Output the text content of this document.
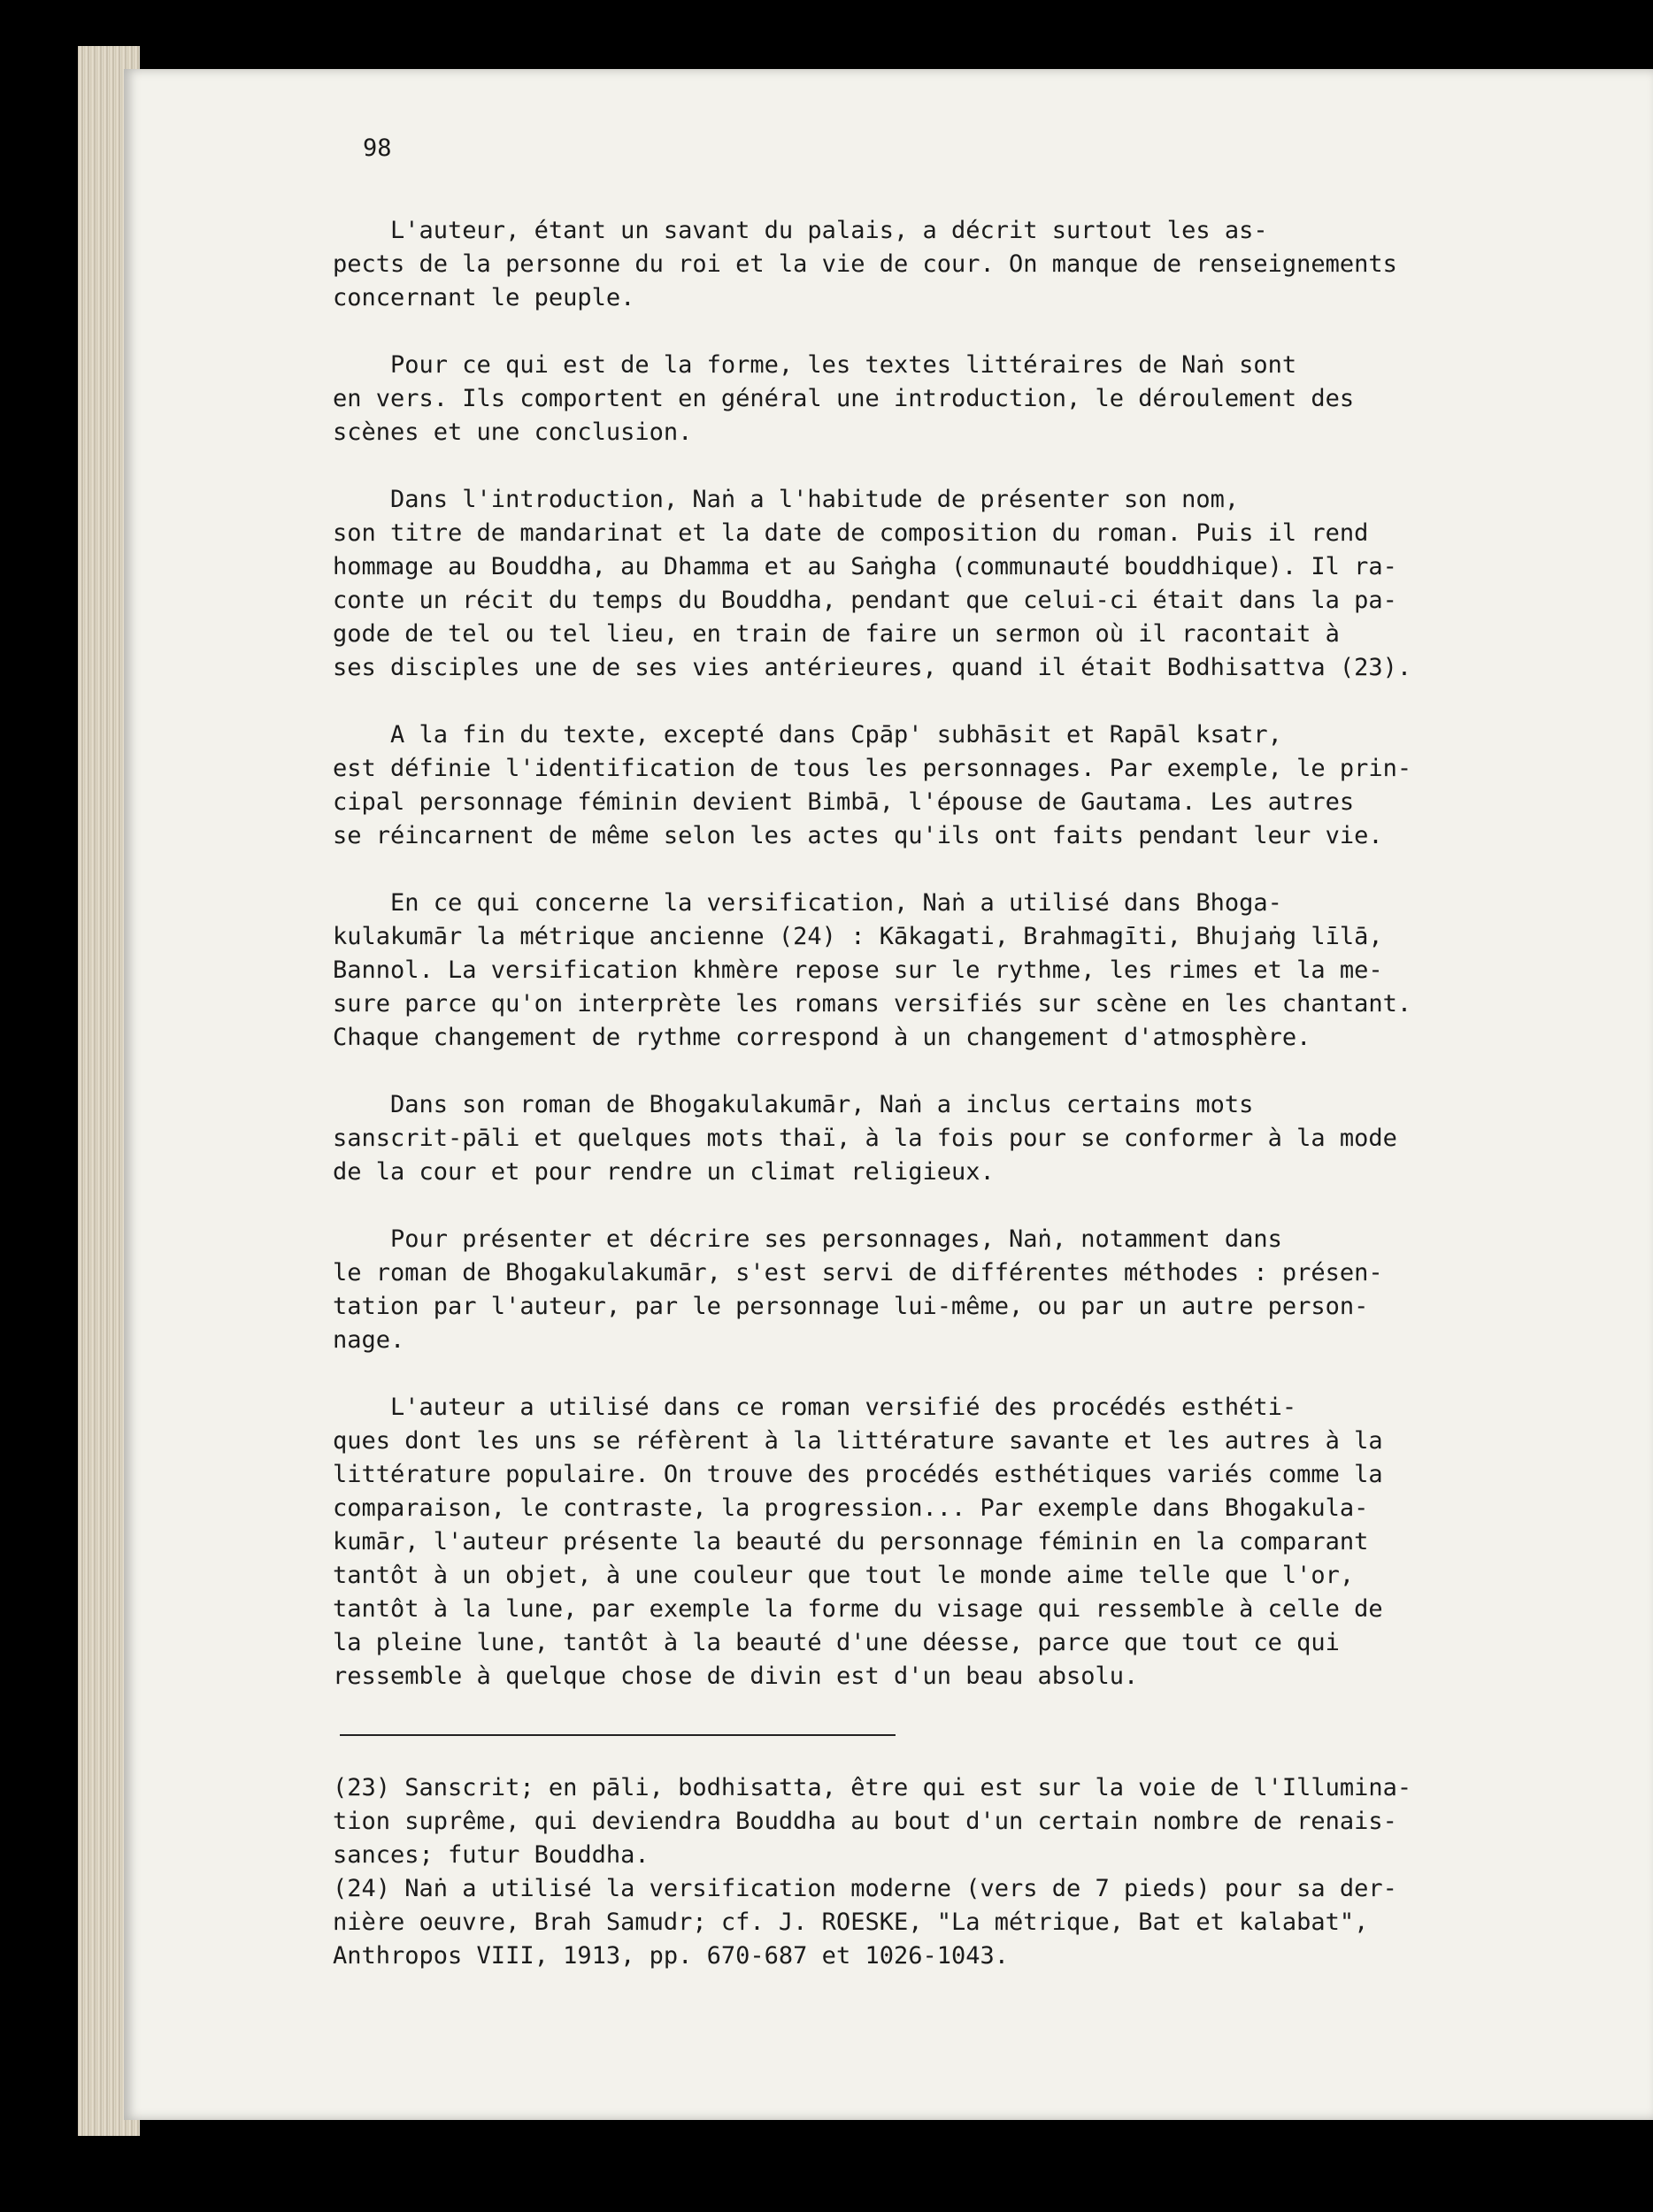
98
L'auteur, étant un savant du palais, a décrit surtout les as-
pects de la personne du roi et la vie de cour. On manque de renseignements
concernant le peuple.
Pour ce qui est de la forme, les textes littéraires de Naṅ sont
en vers. Ils comportent en général une introduction, le déroulement des
scènes et une conclusion.
Dans l'introduction, Naṅ a l'habitude de présenter son nom,
son titre de mandarinat et la date de composition du roman. Puis il rend
hommage au Bouddha, au Dhamma et au Saṅgha (communauté bouddhique). Il ra-
conte un récit du temps du Bouddha, pendant que celui-ci était dans la pa-
gode de tel ou tel lieu, en train de faire un sermon où il racontait à
ses disciples une de ses vies antérieures, quand il était Bodhisattva (23).
A la fin du texte, excepté dans Cpāp' subhāsit et Rapāl ksatr,
est définie l'identification de tous les personnages. Par exemple, le prin-
cipal personnage féminin devient Bimbā, l'épouse de Gautama. Les autres
se réincarnent de même selon les actes qu'ils ont faits pendant leur vie.
En ce qui concerne la versification, Naṅ a utilisé dans Bhoga-
kulakumār la métrique ancienne (24) : Kākagati, Brahmagīti, Bhujaṅg līlā,
Bannol. La versification khmère repose sur le rythme, les rimes et la me-
sure parce qu'on interprète les romans versifiés sur scène en les chantant.
Chaque changement de rythme correspond à un changement d'atmosphère.
Dans son roman de Bhogakulakumār, Naṅ a inclus certains mots
sanscrit-pāli et quelques mots thaï, à la fois pour se conformer à la mode
de la cour et pour rendre un climat religieux.
Pour présenter et décrire ses personnages, Naṅ, notamment dans
le roman de Bhogakulakumār, s'est servi de différentes méthodes : présen-
tation par l'auteur, par le personnage lui-même, ou par un autre person-
nage.
L'auteur a utilisé dans ce roman versifié des procédés esthéti-
ques dont les uns se réfèrent à la littérature savante et les autres à la
littérature populaire. On trouve des procédés esthétiques variés comme la
comparaison, le contraste, la progression... Par exemple dans Bhogakula-
kumār, l'auteur présente la beauté du personnage féminin en la comparant
tantôt à un objet, à une couleur que tout le monde aime telle que l'or,
tantôt à la lune, par exemple la forme du visage qui ressemble à celle de
la pleine lune, tantôt à la beauté d'une déesse, parce que tout ce qui
ressemble à quelque chose de divin est d'un beau absolu.
(23) Sanscrit; en pāli, bodhisatta, être qui est sur la voie de l'Illumina-
tion suprême, qui deviendra Bouddha au bout d'un certain nombre de renais-
sances; futur Bouddha.
(24) Naṅ a utilisé la versification moderne (vers de 7 pieds) pour sa der-
nière oeuvre, Brah Samudr; cf. J. ROESKE, "La métrique, Bat et kalabat",
Anthropos VIII, 1913, pp. 670-687 et 1026-1043.
